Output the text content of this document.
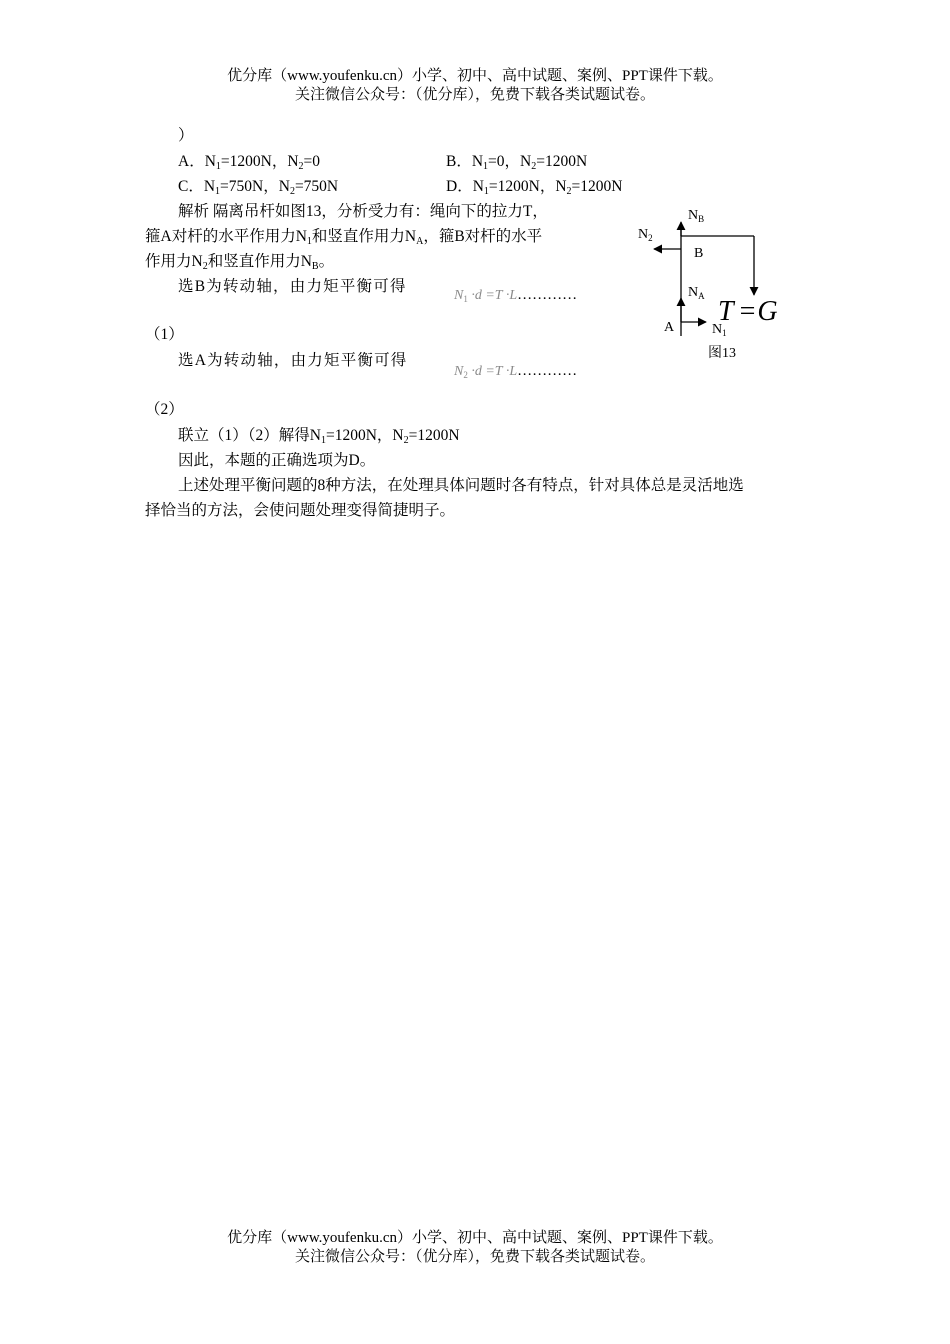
优分库（www.youfenku.cn）小学、初中、高中试题、案例、PPT课件下载。
关注微信公众号：（优分库），免费下载各类试题试卷。
）
A．$N_1=1200N$，$N_2=0$	B．$N_1=0$，$N_2=1200N$
C．$N_1=750N$，$N_2=750N$	D．$N_1=1200N$，$N_2=1200N$
解析 隔离吊杆如图13，分析受力有：绳向下的拉力T，
箍A对杆的水平作用力$N_1$和竖直作用力$N_A$，箍B对杆的水平
作用力$N_2$和竖直作用力$N_B$。
选B为转动轴，由力矩平衡可得
$N_1 \cdot d =T$ ·L…………
（1）
选A为转动轴，由力矩平衡可得
$N_2 \cdot d =T$ ·L…………
（2）
联立（1）（2）解得$N_1=1200N$，$N_2=1200N$
因此，本题的正确选项为D。
上述处理平衡问题的8种方法，在处理具体问题时各有特点，针对具体总是灵活地选
择恰当的方法，会使问题处理变得简捷明子。
$N_B$
$N_2$
B
$N_A$
A	$N_1$
T =G
图13
优分库（www.youfenku.cn）小学、初中、高中试题、案例、PPT课件下载。
关注微信公众号：（优分库），免费下载各类试题试卷。
